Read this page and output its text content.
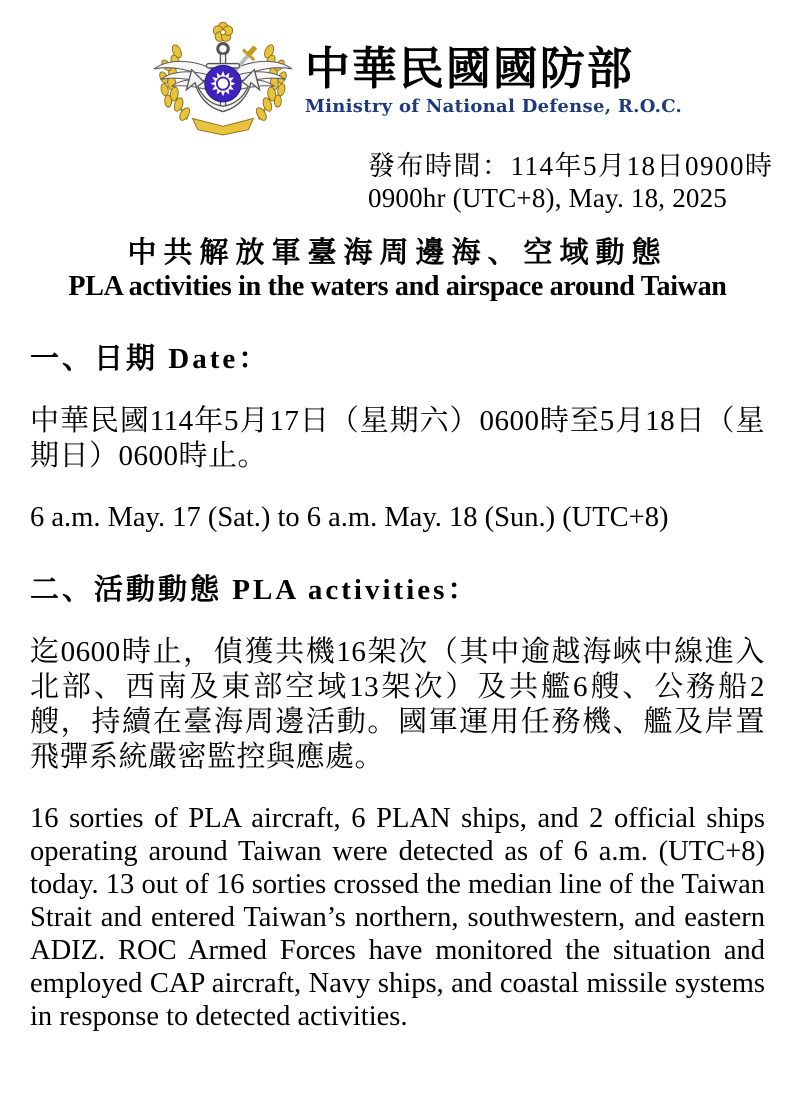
中華民國國防部
Ministry of National Defense, R.O.C.
發布時間：114年5月18日0900時
0900hr (UTC+8), May. 18, 2025
中共解放軍臺海周邊海、空域動態
PLA activities in the waters and airspace around Taiwan
一、日期 Date：

中華民國114年5月17日（星期六）0600時至5月18日（星期日）0600時止。

6 a.m. May. 17 (Sat.) to 6 a.m. May. 18 (Sun.) (UTC+8)

二、活動動態 PLA activities：

迄0600時止，偵獲共機16架次（其中逾越海峽中線進入北部、西南及東部空域13架次）及共艦6艘、公務船2艘，持續在臺海周邊活動。國軍運用任務機、艦及岸置飛彈系統嚴密監控與應處。

16 sorties of PLA aircraft, 6 PLAN ships, and 2 official ships operating around Taiwan were detected as of 6 a.m. (UTC+8) today. 13 out of 16 sorties crossed the median line of the Taiwan Strait and entered Taiwan’s northern, southwestern, and eastern ADIZ. ROC Armed Forces have monitored the situation and employed CAP aircraft, Navy ships, and coastal missile systems in response to detected activities.
